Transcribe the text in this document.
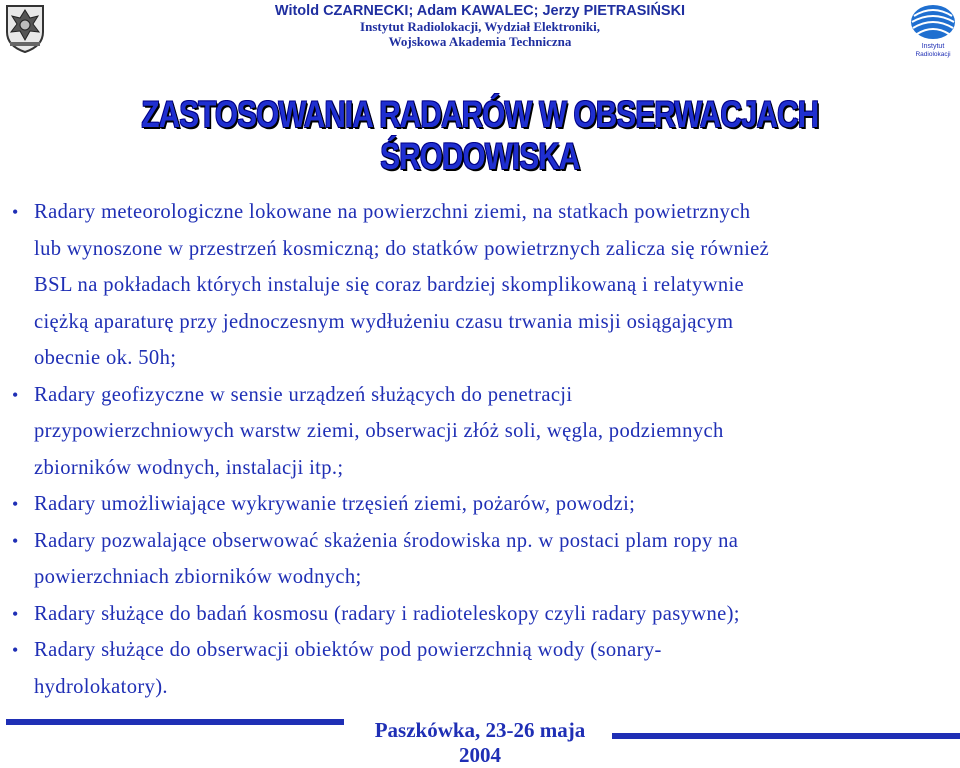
Witold CZARNECKI; Adam KAWALEC; Jerzy PIETRASIŃSKI
Instytut Radiolokacji, Wydział Elektroniki,
Wojskowa Akademia Techniczna	Instytut
Radiolokacji
ZASTOSOWANIA RADARÓW W OBSERWACJACH ŚRODOWISKA
• Radary meteorologiczne lokowane na powierzchni ziemi, na statkach powietrznych
lub wynoszone w przestrzeń kosmiczną; do statków powietrznych zalicza się również
BSL na pokładach których instaluje się coraz bardziej skomplikowaną i relatywnie
ciężką aparaturę przy jednoczesnym wydłużeniu czasu trwania misji osiągającym
obecnie ok. 50h;
• Radary geofizyczne w sensie urządzeń służących do penetracji
przypowierzchniowych warstw ziemi, obserwacji złóż soli, węgla, podziemnych
zbiorników wodnych, instalacji itp.;
• Radary umożliwiające wykrywanie trzęsień ziemi, pożarów, powodzi;
• Radary pozwalające obserwować skażenia środowiska np. w postaci plam ropy na
powierzchniach zbiorników wodnych;
• Radary służące do badań kosmosu (radary i radioteleskopy czyli radary pasywne);
• Radary służące do obserwacji obiektów pod powierzchnią wody (sonary-
hydrolokatory).
Paszkówka, 23-26 maja 2004
